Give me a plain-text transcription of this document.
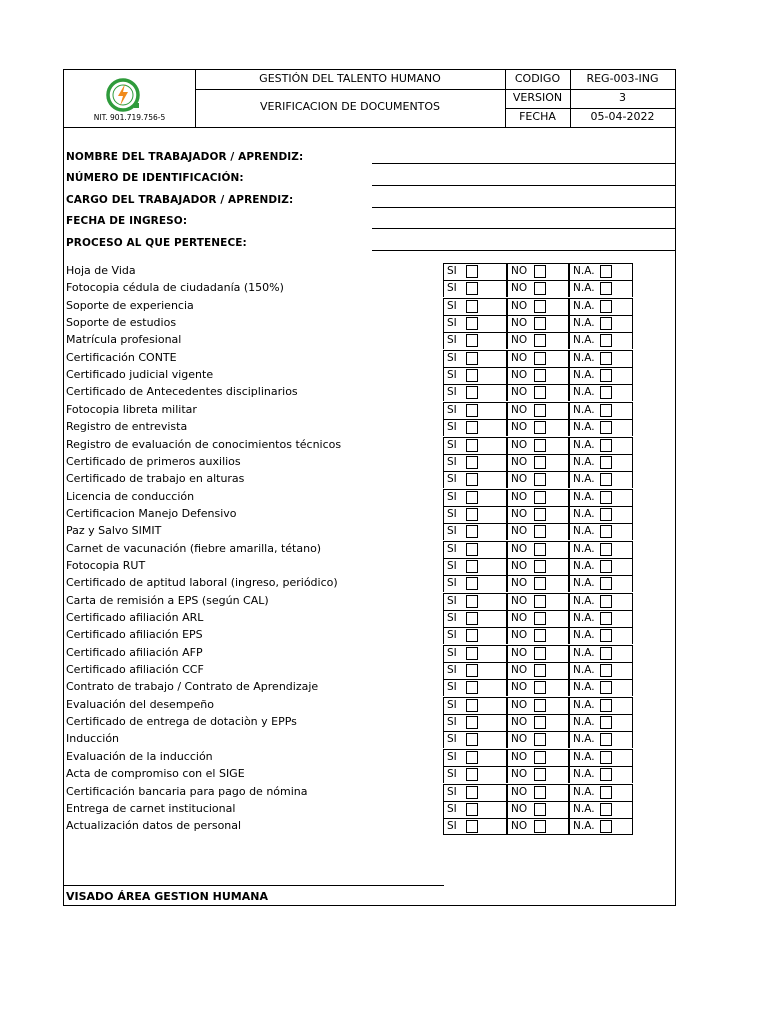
NIT. 901.719.756-5
GESTIÓN DEL TALENTO HUMANO
VERIFICACION DE DOCUMENTOS
CODIGO	REG-003-ING
VERSION	3
FECHA	05-04-2022
NOMBRE DEL TRABAJADOR / APRENDIZ:
NÚMERO DE IDENTIFICACIÓN:
CARGO DEL TRABAJADOR / APRENDIZ:
FECHA DE INGRESO:
PROCESO AL QUE PERTENECE:
Hoja de Vida	SI	NO	N.A.
Fotocopia cédula de ciudadanía (150%)	SI	NO	N.A.
Soporte de experiencia	SI	NO	N.A.
Soporte de estudios	SI	NO	N.A.
Matrícula profesional	SI	NO	N.A.
Certificación CONTE	SI	NO	N.A.
Certificado judicial vigente	SI	NO	N.A.
Certificado de Antecedentes disciplinarios	SI	NO	N.A.
Fotocopia libreta militar	SI	NO	N.A.
Registro de entrevista	SI	NO	N.A.
Registro de evaluación de conocimientos técnicos	SI	NO	N.A.
Certificado de primeros auxilios	SI	NO	N.A.
Certificado de trabajo en alturas	SI	NO	N.A.
Licencia de conducción	SI	NO	N.A.
Certificacion Manejo Defensivo	SI	NO	N.A.
Paz y Salvo SIMIT	SI	NO	N.A.
Carnet de vacunación (fiebre amarilla, tétano)	SI	NO	N.A.
Fotocopia RUT	SI	NO	N.A.
Certificado de aptitud laboral (ingreso, periódico)	SI	NO	N.A.
Carta de remisión a EPS (según CAL)	SI	NO	N.A.
Certificado afiliación ARL	SI	NO	N.A.
Certificado afiliación EPS	SI	NO	N.A.
Certificado afiliación AFP	SI	NO	N.A.
Certificado afiliación CCF	SI	NO	N.A.
Contrato de trabajo / Contrato de Aprendizaje	SI	NO	N.A.
Evaluación del desempeño	SI	NO	N.A.
Certificado de entrega de dotaciòn y EPPs	SI	NO	N.A.
Inducción	SI	NO	N.A.
Evaluación de la inducción	SI	NO	N.A.
Acta de compromiso con el SIGE	SI	NO	N.A.
Certificación bancaria para pago de nómina	SI	NO	N.A.
Entrega de carnet institucional	SI	NO	N.A.
Actualización datos de personal	SI	NO	N.A.
VISADO ÁREA GESTION HUMANA
